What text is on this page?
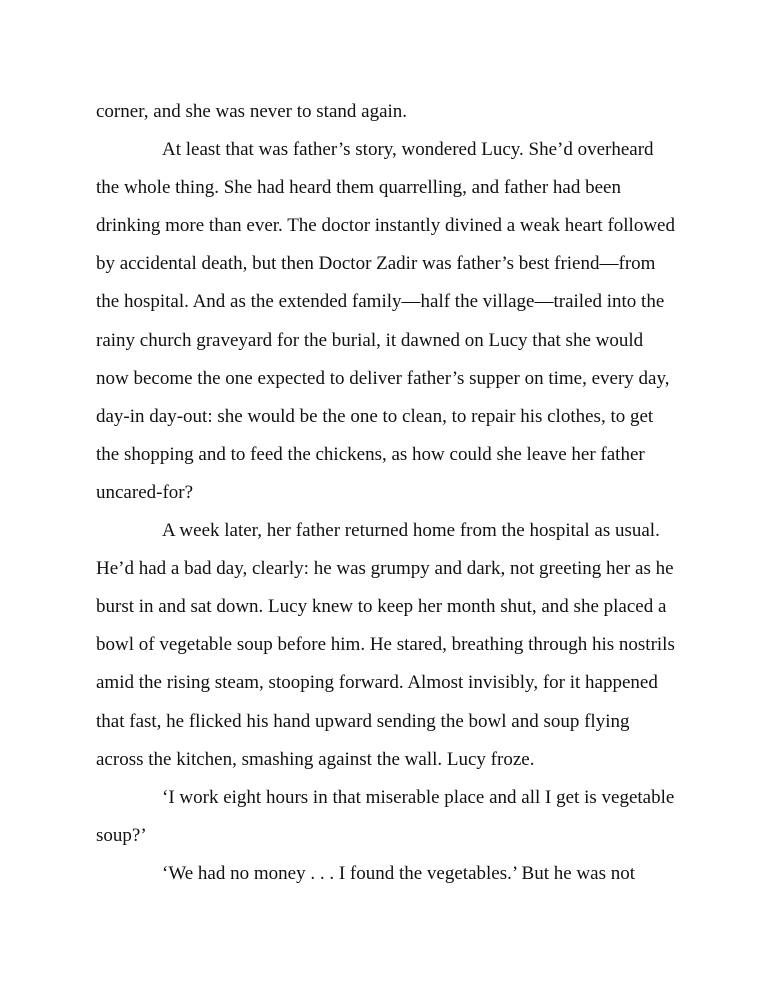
corner, and she was never to stand again.
At least that was father’s story, wondered Lucy. She’d overheard
the whole thing. She had heard them quarrelling, and father had been
drinking more than ever. The doctor instantly divined a weak heart followed
by accidental death, but then Doctor Zadir was father’s best friend—from
the hospital. And as the extended family—half the village—trailed into the
rainy church graveyard for the burial, it dawned on Lucy that she would
now become the one expected to deliver father’s supper on time, every day,
day-in day-out: she would be the one to clean, to repair his clothes, to get
the shopping and to feed the chickens, as how could she leave her father
uncared-for?
A week later, her father returned home from the hospital as usual.
He’d had a bad day, clearly: he was grumpy and dark, not greeting her as he
burst in and sat down. Lucy knew to keep her month shut, and she placed a
bowl of vegetable soup before him. He stared, breathing through his nostrils
amid the rising steam, stooping forward. Almost invisibly, for it happened
that fast, he flicked his hand upward sending the bowl and soup flying
across the kitchen, smashing against the wall. Lucy froze.
‘I work eight hours in that miserable place and all I get is vegetable
soup?’
‘We had no money . . . I found the vegetables.’ But he was not
